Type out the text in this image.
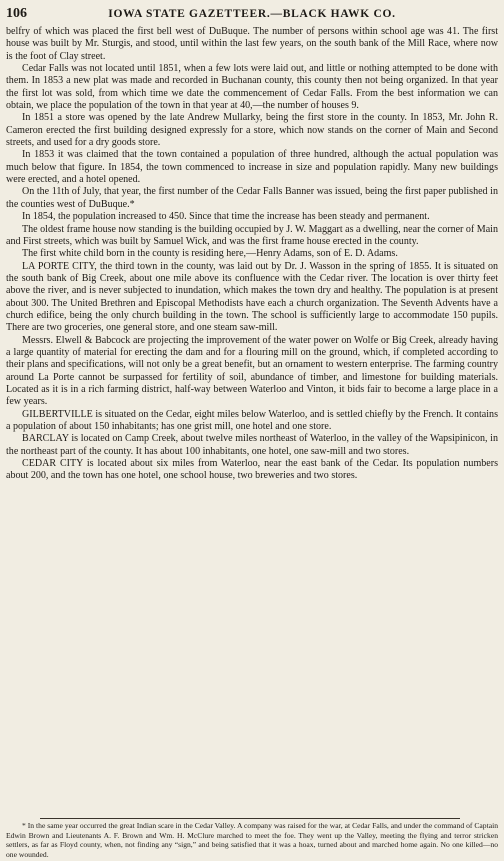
106	IOWA STATE GAZETTEER.—BLACK HAWK CO.

belfry of which was placed the first bell west of DuBuque. The number of persons within school age was 41. The first house was built by Mr. Sturgis, and stood, until within the last few years, on the south bank of the Mill Race, where now is the foot of Clay street.

Cedar Falls was not located until 1851, when a few lots were laid out, and little or nothing attempted to be done with them. In 1853 a new plat was made and recorded in Buchanan county, this county then not being organized. In that year the first lot was sold, from which time we date the commencement of Cedar Falls. From the best information we can obtain, we place the population of the town in that year at 40,—the number of houses 9.

In 1851 a store was opened by the late Andrew Mullarky, being the first store in the county. In 1853, Mr. John R. Cameron erected the first building designed expressly for a store, which now stands on the corner of Main and Second streets, and used for a dry goods store.

In 1853 it was claimed that the town contained a population of three hundred, although the actual population was much below that figure. In 1854, the town commenced to increase in size and population rapidly. Many new buildings were erected, and a hotel opened.

On the 11th of July, that year, the first number of the Cedar Falls Banner was issued, being the first paper published in the counties west of DuBuque.*

In 1854, the population increased to 450. Since that time the increase has been steady and permanent.

The oldest frame house now standing is the building occupied by J. W. Maggart as a dwelling, near the corner of Main and First streets, which was built by Samuel Wick, and was the first frame house erected in the county.

The first white child born in the county is residing here,—Henry Adams, son of E. D. Adams.

LA PORTE CITY, the third town in the county, was laid out by Dr. J. Wasson in the spring of 1855. It is situated on the south bank of Big Creek, about one mile above its confluence with the Cedar river. The location is over thirty feet above the river, and is never subjected to inundation, which makes the town dry and healthy. The population is at present about 300. The United Brethren and Episcopal Methodists have each a church organization. The Seventh Advents have a church edifice, being the only church building in the town. The school is sufficiently large to accommodate 150 pupils. There are two groceries, one general store, and one steam saw-mill.

Messrs. Elwell & Babcock are projecting the improvement of the water power on Wolfe or Big Creek, already having a large quantity of material for erecting the dam and for a flouring mill on the ground, which, if completed according to their plans and specifications, will not only be a great benefit, but an ornament to western enterprise. The farming country around La Porte cannot be surpassed for fertility of soil, abundance of timber, and limestone for building materials. Located as it is in a rich farming district, half-way between Waterloo and Vinton, it bids fair to become a large place in a few years.

GILBERTVILLE is situated on the Cedar, eight miles below Waterloo, and is settled chiefly by the French. It contains a population of about 150 inhabitants; has one grist mill, one hotel and one store.

BARCLAY is located on Camp Creek, about twelve miles northeast of Waterloo, in the valley of the Wapsipinicon, in the northeast part of the county. It has about 100 inhabitants, one hotel, one saw-mill and two stores.

CEDAR CITY is located about six miles from Waterloo, near the east bank of the Cedar. Its population numbers about 200, and the town has one hotel, one school house, two breweries and two stores.

* In the same year occurred the great Indian scare in the Cedar Valley. A company was raised for the war, at Cedar Falls, and under the command of Captain Edwin Brown and Lieutenants A. F. Brown and Wm. H. McClure marched to meet the foe. They went up the Valley, meeting the flying and terror stricken settlers, as far as Floyd county, when, not finding any “sign,” and being satisfied that it was a hoax, turned about and marched home again. No one killed—no one wounded.
